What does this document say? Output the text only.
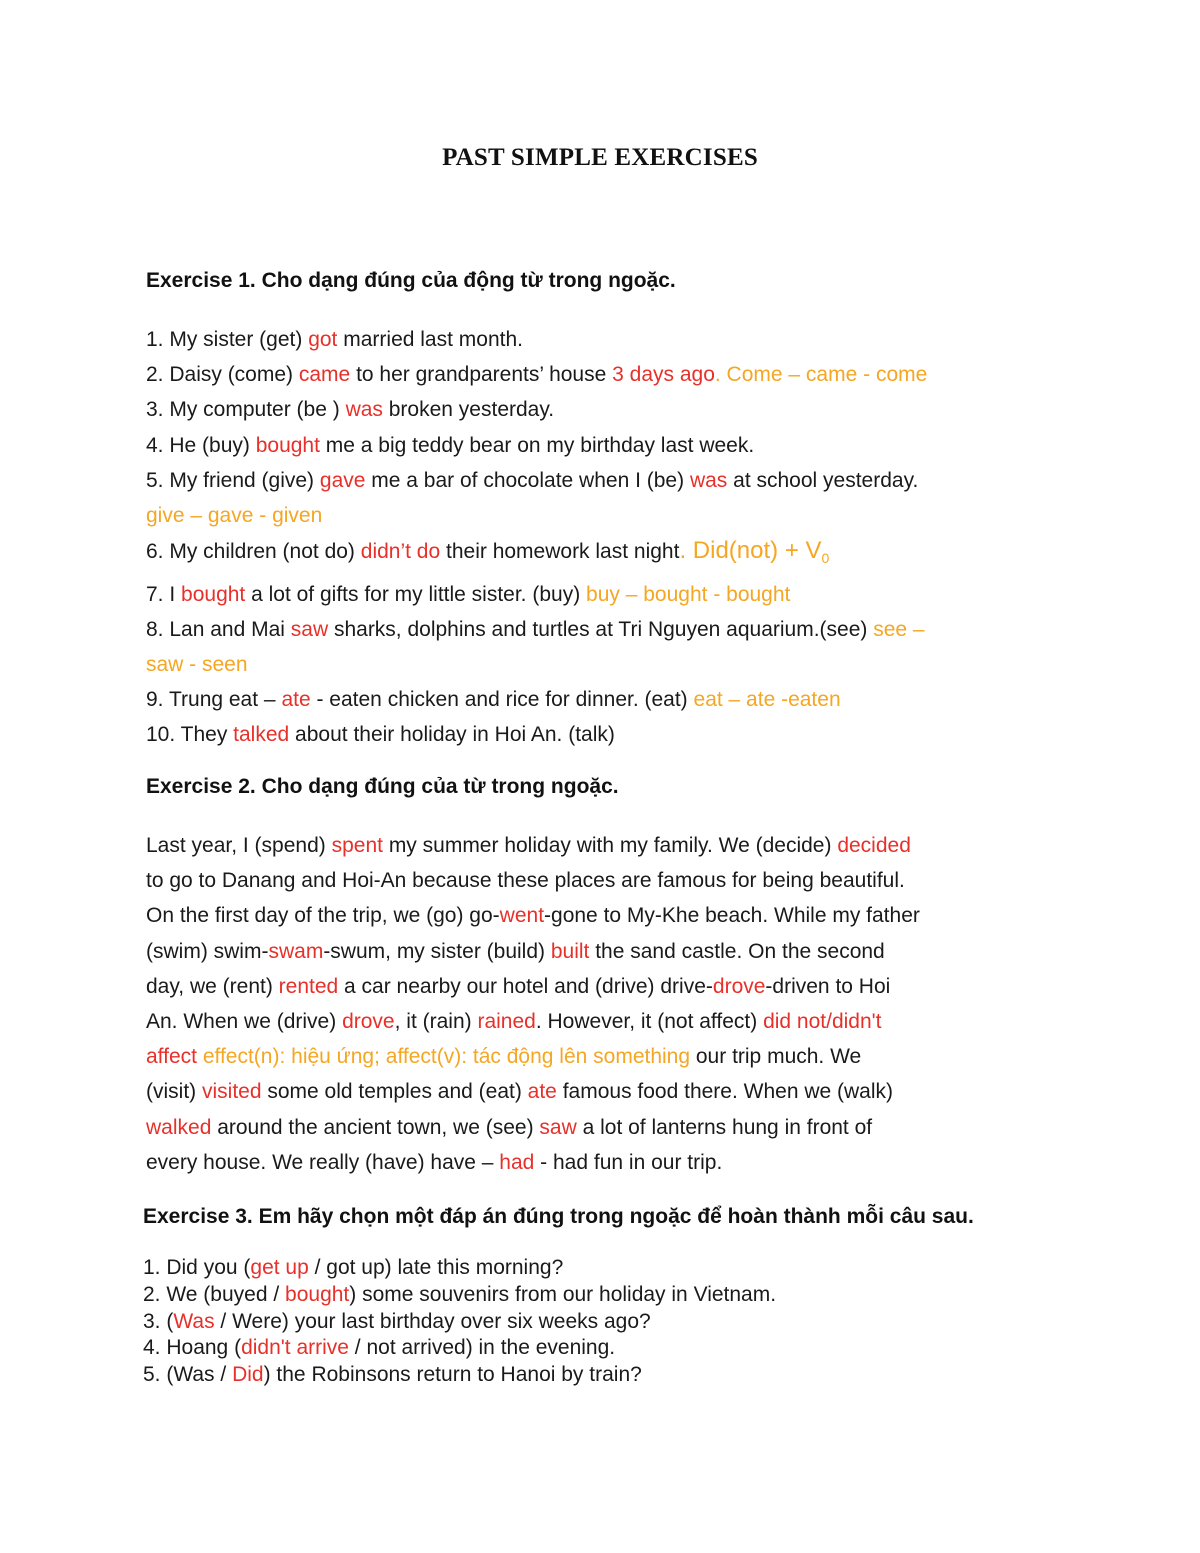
PAST SIMPLE EXERCISES
Exercise 1. Cho dạng đúng của động từ trong ngoặc.
1. My sister (get) got married last month.
2. Daisy (come) came to her grandparents’ house 3 days ago. Come – came - come
3. My computer (be ) was broken yesterday.
4. He (buy) bought me a big teddy bear on my birthday last week.
5. My friend (give) gave me a bar of chocolate when I (be) was at school yesterday.
give – gave - given
6. My children (not do) didn’t do their homework last night. $Did(not) + V_0$
7. I bought a lot of gifts for my little sister. (buy) buy – bought - bought
8. Lan and Mai saw sharks, dolphins and turtles at Tri Nguyen aquarium.(see) see –
saw - seen
9. Trung eat – ate - eaten chicken and rice for dinner. (eat) eat – ate -eaten
10. They talked about their holiday in Hoi An. (talk)
Exercise 2. Cho dạng đúng của từ trong ngoặc.
Last year, I (spend) spent my summer holiday with my family. We (decide) decided
to go to Danang and Hoi-An because these places are famous for being beautiful.
On the first day of the trip, we (go) go-went-gone to My-Khe beach. While my father
(swim) swim-swam-swum, my sister (build) built the sand castle. On the second
day, we (rent) rented a car nearby our hotel and (drive) drive-drove-driven to Hoi
An. When we (drive) drove, it (rain) rained. However, it (not affect) did not/didn't
affect effect(n): hiệu ứng; affect(v): tác động lên something our trip much. We
(visit) visited some old temples and (eat) ate famous food there. When we (walk)
walked around the ancient town, we (see) saw a lot of lanterns hung in front of
every house. We really (have) have – had - had fun in our trip.
Exercise 3. Em hãy chọn một đáp án đúng trong ngoặc để hoàn thành mỗi câu sau.
1. Did you (get up / got up) late this morning?
2. We (buyed / bought) some souvenirs from our holiday in Vietnam.
3. (Was / Were) your last birthday over six weeks ago?
4. Hoang (didn't arrive / not arrived) in the evening.
5. (Was / Did) the Robinsons return to Hanoi by train?
